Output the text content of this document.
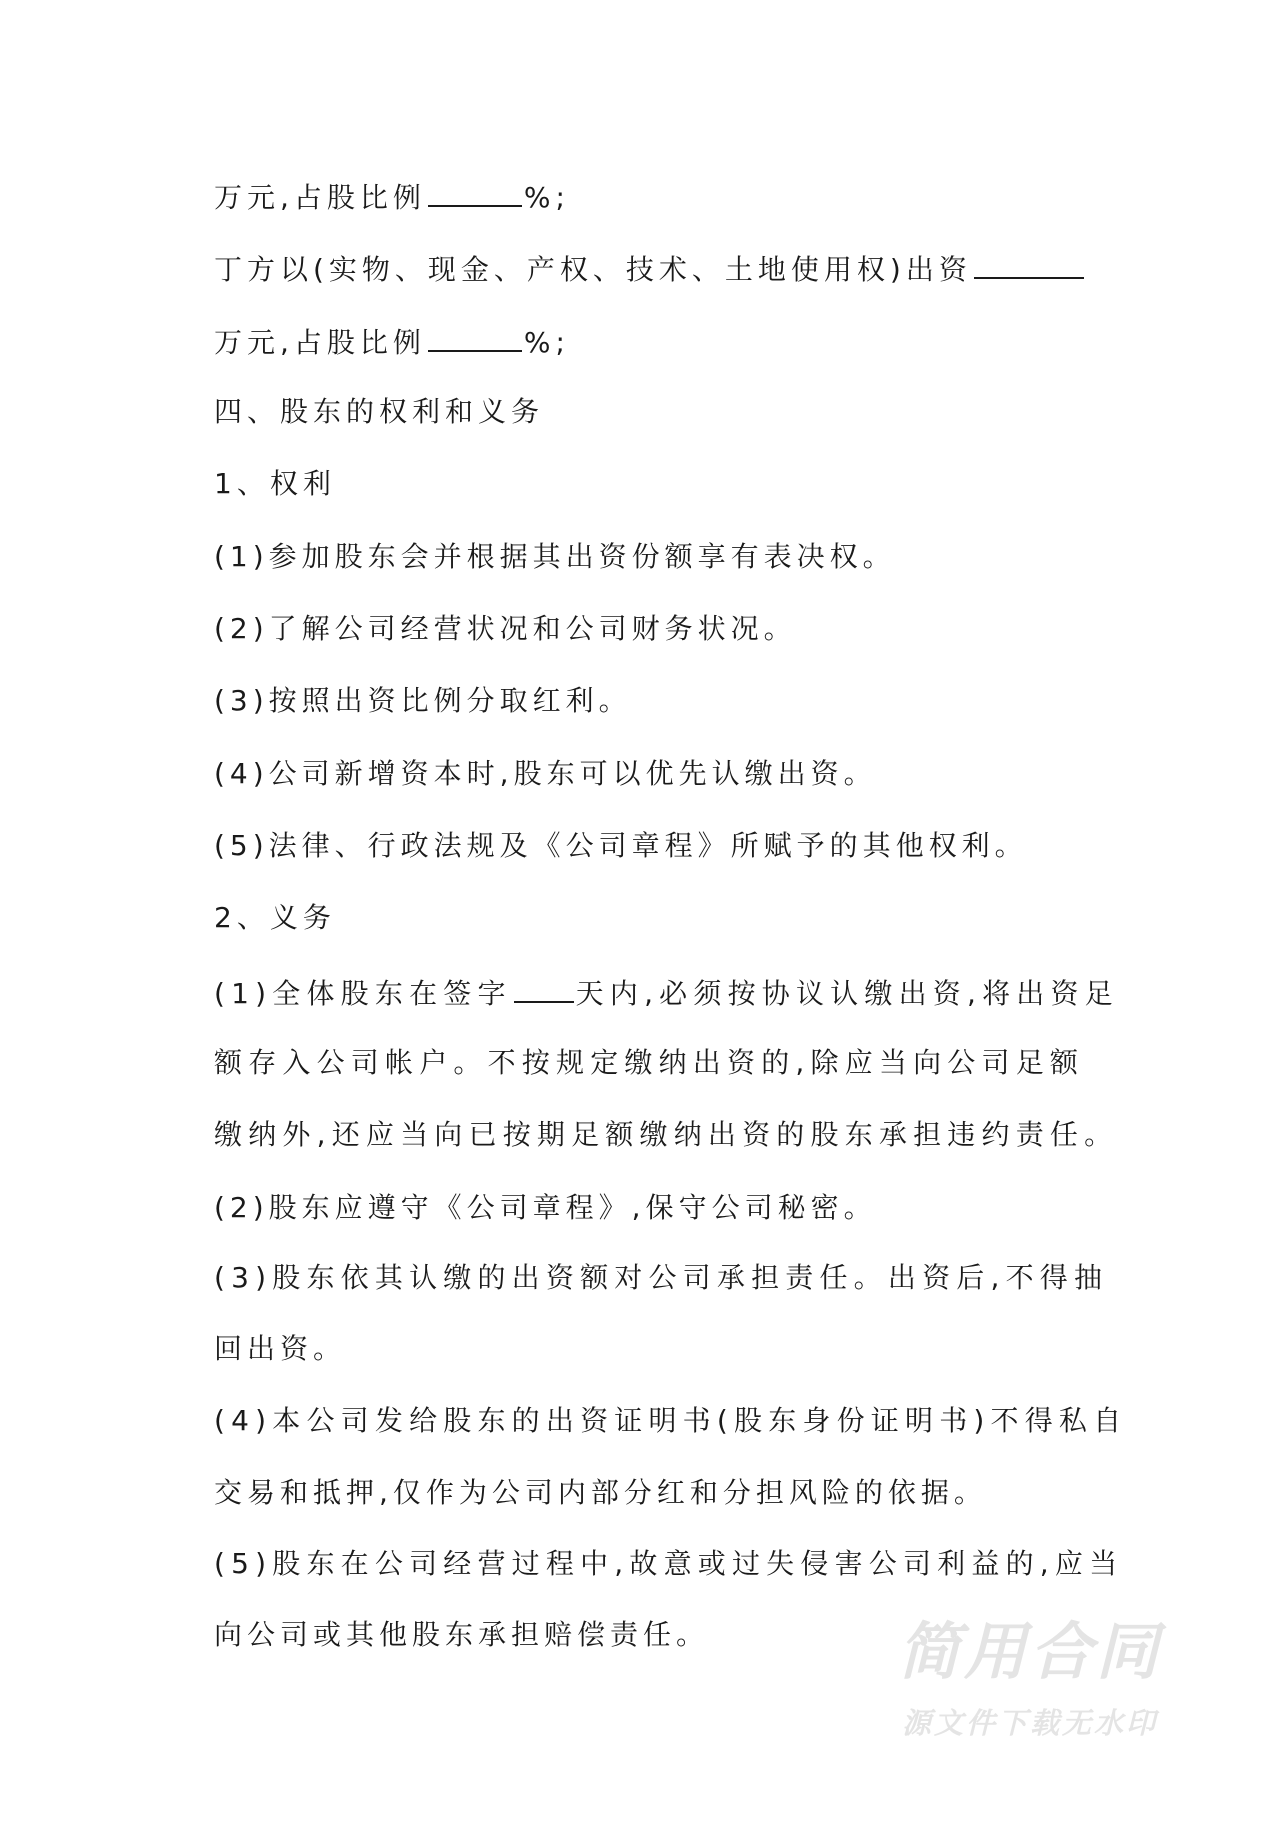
万元,占股比例	%;
丁方以(实物、现金、产权、技术、土地使用权)出资
万元,占股比例	%;
四、股东的权利和义务
1、权利
(1)参加股东会并根据其出资份额享有表决权。
(2)了解公司经营状况和公司财务状况。
(3)按照出资比例分取红利。
(4)公司新增资本时,股东可以优先认缴出资。
(5)法律、行政法规及《公司章程》所赋予的其他权利。
2、义务
(1)全体股东在签字 天内,必须按协议认缴出资,将出资足
额存入公司帐户。不按规定缴纳出资的,除应当向公司足额
缴纳外,还应当向已按期足额缴纳出资的股东承担违约责任。
(2)股东应遵守《公司章程》,保守公司秘密。
(3)股东依其认缴的出资额对公司承担责任。出资后,不得抽
回出资。
(4)本公司发给股东的出资证明书(股东身份证明书)不得私自
交易和抵押,仅作为公司内部分红和分担风险的依据。
(5)股东在公司经营过程中,故意或过失侵害公司利益的,应当
向公司或其他股东承担赔偿责任。	简用合同
源文件下载无水印
